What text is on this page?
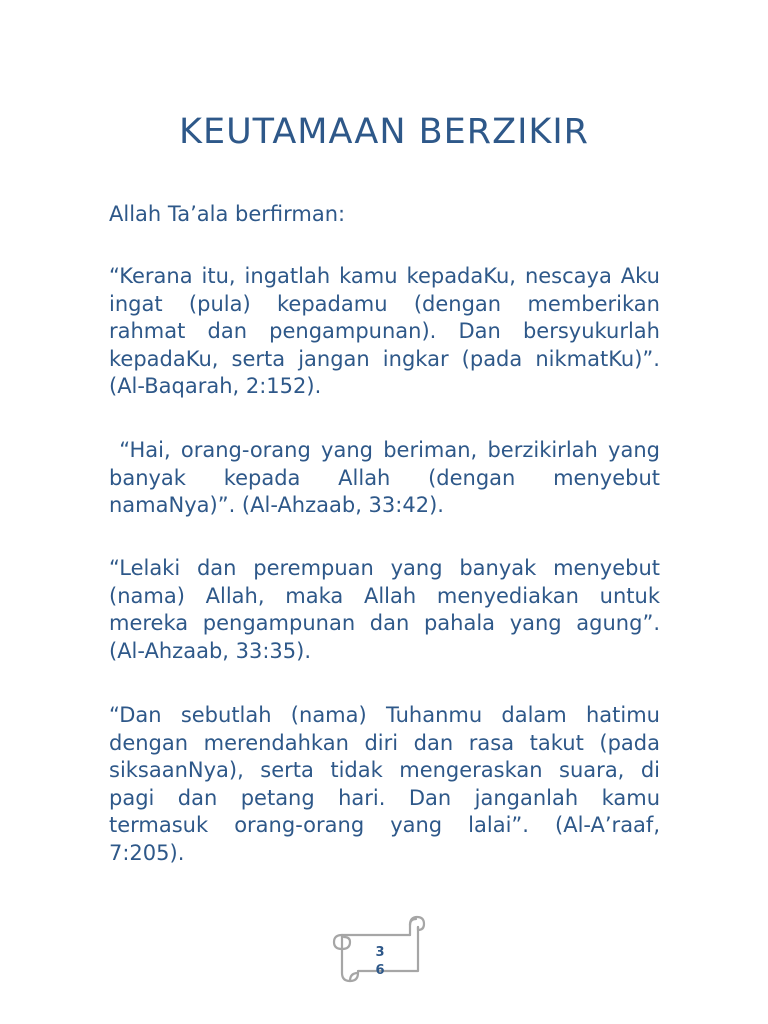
KEUTAMAAN BERZIKIR

Allah Ta’ala berfirman:

“Kerana itu, ingatlah kamu kepadaKu, nescaya Aku ingat (pula) kepadamu (dengan memberikan rahmat dan pengampunan). Dan bersyukurlah kepadaKu, serta jangan ingkar (pada nikmatKu)”. (Al-Baqarah, 2:152).

“Hai, orang-orang yang beriman, berzikirlah yang banyak kepada Allah (dengan menyebut namaNya)”. (Al-Ahzaab, 33:42).

“Lelaki dan perempuan yang banyak menyebut (nama) Allah, maka Allah menyediakan untuk mereka pengampunan dan pahala yang agung”. (Al-Ahzaab, 33:35).

“Dan sebutlah (nama) Tuhanmu dalam hatimu dengan merendahkan diri dan rasa takut (pada siksaanNya), serta tidak mengeraskan suara, di pagi dan petang hari. Dan janganlah kamu termasuk orang-orang yang lalai”. (Al-A’raaf, 7:205).

3
6
